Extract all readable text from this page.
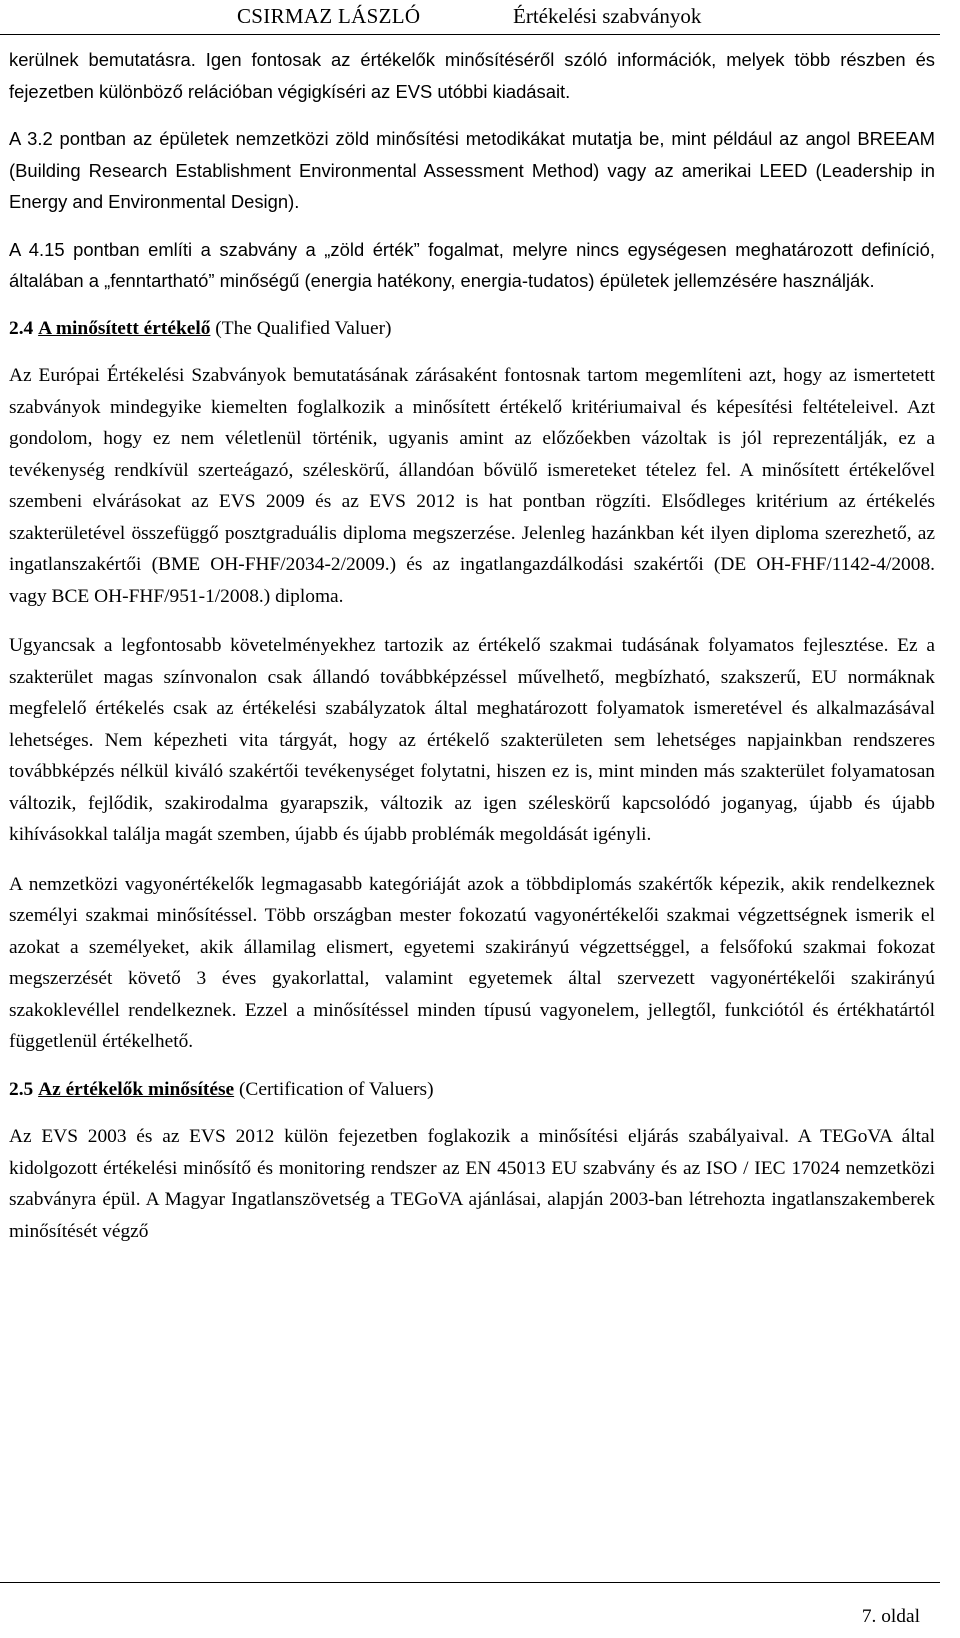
CSIRMAZ LÁSZLÓ	Értékelési szabványok

kerülnek bemutatásra. Igen fontosak az értékelők minősítéséről szóló információk, melyek több részben és fejezetben különböző relációban végigkíséri az EVS utóbbi kiadásait.

A 3.2 pontban az épületek nemzetközi zöld minősítési metodikákat mutatja be, mint például az angol BREEAM (Building Research Establishment Environmental Assessment Method) vagy az amerikai LEED (Leadership in Energy and Environmental Design).

A 4.15 pontban említi a szabvány a „zöld érték” fogalmat, melyre nincs egységesen meghatározott definíció, általában a „fenntartható” minőségű (energia hatékony, energia-tudatos) épületek jellemzésére használják.

2.4 A minősített értékelő (The Qualified Valuer)

Az Európai Értékelési Szabványok bemutatásának zárásaként fontosnak tartom megemlíteni azt, hogy az ismertetett szabványok mindegyike kiemelten foglalkozik a minősített értékelő kritériumaival és képesítési feltételeivel. Azt gondolom, hogy ez nem véletlenül történik, ugyanis amint az előzőekben vázoltak is jól reprezentálják, ez a tevékenység rendkívül szerteágazó, széleskörű, állandóan bővülő ismereteket tételez fel. A minősített értékelővel szembeni elvárásokat az EVS 2009 és az EVS 2012 is hat pontban rögzíti. Elsődleges kritérium az értékelés szakterületével összefüggő posztgraduális diploma megszerzése. Jelenleg hazánkban két ilyen diploma szerezhető, az ingatlanszakértői (BME OH-FHF/2034-2/2009.) és az ingatlangazdálkodási szakértői (DE OH-FHF/1142-4/2008. vagy BCE OH-FHF/951-1/2008.) diploma.

Ugyancsak a legfontosabb követelményekhez tartozik az értékelő szakmai tudásának folyamatos fejlesztése. Ez a szakterület magas színvonalon csak állandó továbbképzéssel művelhető, megbízható, szakszerű, EU normáknak megfelelő értékelés csak az értékelési szabályzatok által meghatározott folyamatok ismeretével és alkalmazásával lehetséges. Nem képezheti vita tárgyát, hogy az értékelő szakterületen sem lehetséges napjainkban rendszeres továbbképzés nélkül kiváló szakértői tevékenységet folytatni, hiszen ez is, mint minden más szakterület folyamatosan változik, fejlődik, szakirodalma gyarapszik, változik az igen széleskörű kapcsolódó joganyag, újabb és újabb kihívásokkal találja magát szemben, újabb és újabb problémák megoldását igényli.

A nemzetközi vagyonértékelők legmagasabb kategóriáját azok a többdiplomás szakértők képezik, akik rendelkeznek személyi szakmai minősítéssel. Több országban mester fokozatú vagyonértékelői szakmai végzettségnek ismerik el azokat a személyeket, akik államilag elismert, egyetemi szakirányú végzettséggel, a felsőfokú szakmai fokozat megszerzését követő 3 éves gyakorlattal, valamint egyetemek által szervezett vagyonértékelői szakirányú szakoklevéllel rendelkeznek. Ezzel a minősítéssel minden típusú vagyonelem, jellegtől, funkciótól és értékhatártól függetlenül értékelhető.

2.5 Az értékelők minősítése (Certification of Valuers)

Az EVS 2003 és az EVS 2012 külön fejezetben foglakozik a minősítési eljárás szabályaival. A TEGoVA által kidolgozott értékelési minősítő és monitoring rendszer az EN 45013 EU szabvány és az ISO / IEC 17024 nemzetközi szabványra épül. A Magyar Ingatlanszövetség a TEGoVA ajánlásai, alapján 2003-ban létrehozta ingatlanszakemberek minősítését végző

7. oldal
